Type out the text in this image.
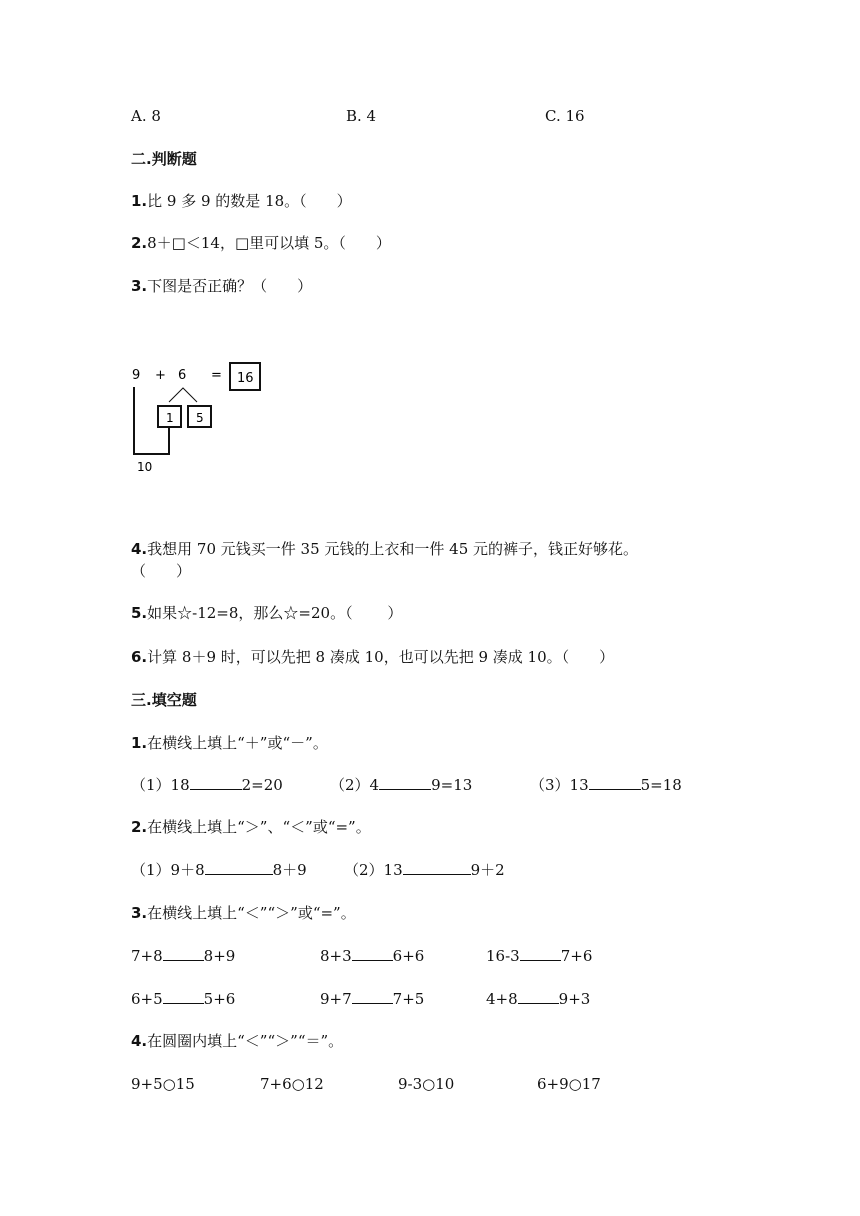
A. 8	B. 4	C. 16
二.判断题
1.比 9 多 9 的数是 18。（　　）
2.8＋□＜14，□里可以填 5。（　　）
3.下图是否正确？（　　）
9 + 6 = 16
1 5
10
4.我想用 70 元钱买一件 35 元钱的上衣和一件 45 元的裤子，钱正好够花。
（　　）
5.如果☆-12=8，那么☆=20。（　　 ）
6.计算 8＋9 时，可以先把 8 凑成 10，也可以先把 9 凑成 10。（　　）
三.填空题
1.在横线上填上“＋”或“－”。
（1）18	2=20	（2）4	9=13	（3）13	5=18
2.在横线上填上“＞”、“＜”或“=”。
（1）9＋8	8＋9 （2）13	9＋2
3.在横线上填上“＜”“＞”或“=”。
7+8	8+9	8+3	6+6	16-3	7+6
6+5	5+6	9+7	7+5	4+8	9+3
4.在圆圈内填上“＜”“＞”“＝”。
9+5○15	7+6○12	9-3○10	6+9○17
